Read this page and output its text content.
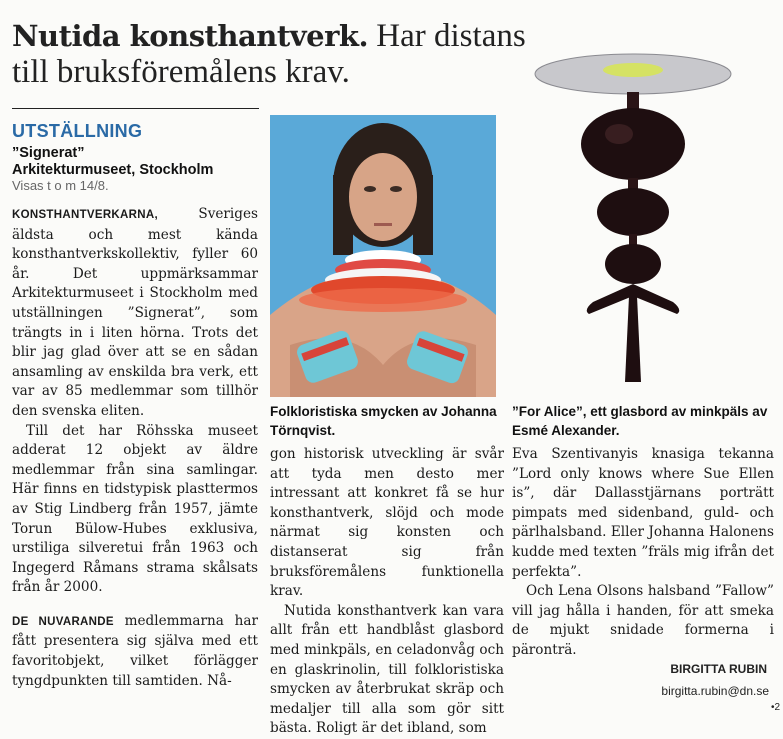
Nutida konsthantverk. Har distans till bruksföremålens krav.
UTSTÄLLNING
”Signerat”
Arkitekturmuseet, Stockholm
Visas t o m 14/8.

KONSTHANTVERKARNA, Sveriges äldsta och mest kända konsthantverkskollektiv, fyller 60 år. Det uppmärksammar Arkitekturmuseet i Stockholm med utställningen ”Signerat”, som trängts in i liten hörna. Trots det blir jag glad över att se en sådan ansamling av enskilda bra verk, ett var av 85 medlemmar som tillhör den svenska eliten.

Till det har Röhsska museet adderat 12 objekt av äldre medlemmar från sina samlingar. Här finns en tidstypisk plasttermos av Stig Lindberg från 1957, jämte Torun Bülow-Hubes exklusiva, urstiliga silveretui från 1963 och Ingegerd Råmans strama skålsats från år 2000.

DE NUVARANDE medlemmarna har fått presentera sig själva med ett favoritobjekt, vilket förlägger tyngdpunkten till samtiden. Nå-

Folkloristiska smycken av Johanna Törnqvist.
”For Alice”, ett glasbord av minkpäls av Esmé Alexander.

gon historisk utveckling är svår att tyda men desto mer intressant att konkret få se hur konsthantverk, slöjd och mode närmat sig konsten och distanserat sig från bruksföremålens funktionella krav.

Nutida konsthantverk kan vara allt från ett handblåst glasbord med minkpäls, en celadonvåg och en glaskrinolin, till folkloristiska smycken av återbrukat skräp och medaljer till alla som gör sitt bästa. Roligt är det ibland, som

Eva Szentivanyis knasiga tekanna ”Lord only knows where Sue Ellen is”, där Dallasstjärnans porträtt pimpats med sidenband, guld- och pärlhalsband. Eller Johanna Halonens kudde med texten ”fräls mig ifrån det perfekta”.

Och Lena Olsons halsband ”Fallow” vill jag hålla i handen, för att smeka de mjukt snidade formerna i päronträ.

BIRGITTA RUBIN
birgitta.rubin@dn.se
•2
